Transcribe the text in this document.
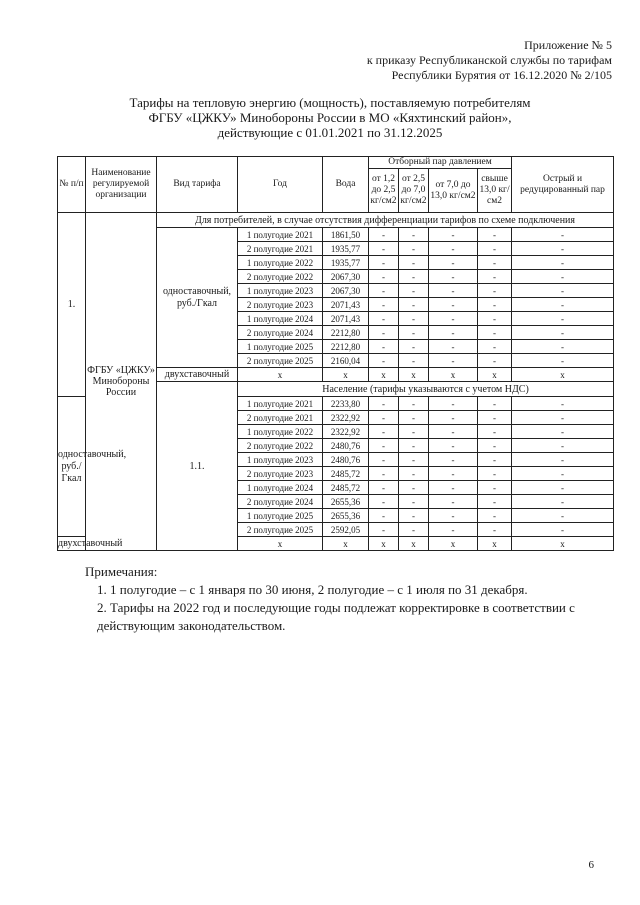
Приложение № 5
к приказу Республиканской службы по тарифам
Республики Бурятия от 16.12.2020 № 2/105
Тарифы на тепловую энергию (мощность), поставляемую потребителям
ФГБУ «ЦЖКУ» Минобороны России в МО «Кяхтинский район»,
действующие с 01.01.2021 по 31.12.2025
№ п/п	Наименование регулируемой организации	Вид тарифа	Год	Вода	Отборный пар давлением				Острый и редуцированный пар
					от 1,2 до 2,5 кг/см2	от 2,5 до 7,0 кг/см2	от 7,0 до 13,0 кг/см2	свыше 13,0 кг/см2	
1.	ФГБУ «ЦЖКУ» Минобороны России	Для потребителей, в случае отсутствия дифференциации тарифов по схеме подключения							
		одноставочный, руб./Гкал	1 полугодие 2021	1861,50	-	-	-	-	-
			2 полугодие 2021	1935,77	-	-	-	-	-
			1 полугодие 2022	1935,77	-	-	-	-	-
			2 полугодие 2022	2067,30	-	-	-	-	-
			1 полугодие 2023	2067,30	-	-	-	-	-
			2 полугодие 2023	2071,43	-	-	-	-	-
			1 полугодие 2024	2071,43	-	-	-	-	-
			2 полугодие 2024	2212,80	-	-	-	-	-
			1 полугодие 2025	2212,80	-	-	-	-	-
			2 полугодие 2025	2160,04	-	-	-	-	-
		двухставочный	x	x	x	x	x	x	x
		1.1.	Население (тарифы указываются с учетом НДС)						
одноставочный, руб./Гкал			1 полугодие 2021	2233,80	-	-	-	-	-
			2 полугодие 2021	2322,92	-	-	-	-	-
			1 полугодие 2022	2322,92	-	-	-	-	-
			2 полугодие 2022	2480,76	-	-	-	-	-
			1 полугодие 2023	2480,76	-	-	-	-	-
			2 полугодие 2023	2485,72	-	-	-	-	-
			1 полугодие 2024	2485,72	-	-	-	-	-
			2 полугодие 2024	2655,36	-	-	-	-	-
			1 полугодие 2025	2655,36	-	-	-	-	-
			2 полугодие 2025	2592,05	-	-	-	-	-
двухставочный			x	x	x	x	x	x	x
Примечания:
1. 1 полугодие – с 1 января по 30 июня, 2 полугодие – с 1 июля по 31 декабря.
2. Тарифы на 2022 год и последующие годы подлежат корректировке в соответствии с действующим законодательством.
6
